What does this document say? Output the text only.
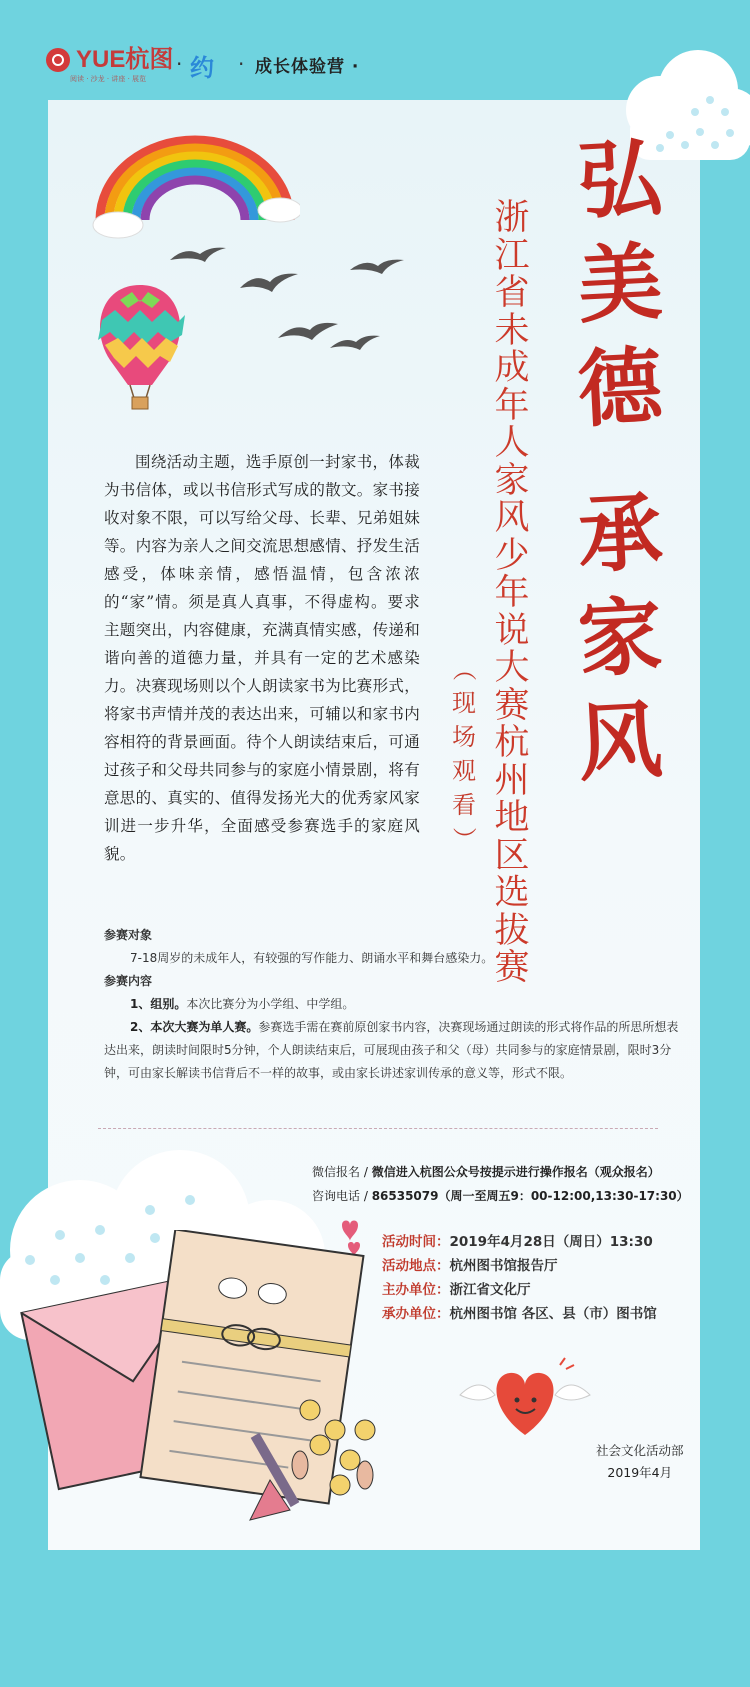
YUE杭图
阅读 · 沙龙 · 讲座 · 展览
· 约 · 成长体验营 ·
弘
美
德
承
家
风
浙
江
省
未
成
年
人
家
风
少
年
说
大
赛
杭
州
地
区
选
拔
赛
（
现
场
观
看
）

围绕活动主题，选手原创一封家书，体裁为书信体，或以书信形式写成的散文。家书接收对象不限，可以写给父母、长辈、兄弟姐妹等。内容为亲人之间交流思想感情、抒发生活感受，体味亲情，感悟温情，包含浓浓的“家”情。须是真人真事，不得虚构。要求主题突出，内容健康，充满真情实感，传递和谐向善的道德力量，并具有一定的艺术感染力。决赛现场则以个人朗读家书为比赛形式，将家书声情并茂的表达出来，可辅以和家书内容相符的背景画面。待个人朗读结束后，可通过孩子和父母共同参与的家庭小情景剧，将有意思的、真实的、值得发扬光大的优秀家风家训进一步升华，全面感受参赛选手的家庭风貌。

参赛对象
7-18周岁的未成年人，有较强的写作能力、朗诵水平和舞台感染力。
参赛内容
1、组别。本次比赛分为小学组、中学组。
2、本次大赛为单人赛。参赛选手需在赛前原创家书内容，决赛现场通过朗读的形式将作品的所思所想表达出来，朗读时间限时5分钟，个人朗读结束后，可展现由孩子和父（母）共同参与的家庭情景剧，限时3分钟，可由家长解读书信背后不一样的故事，或由家长讲述家训传承的意义等，形式不限。
微信报名 / 微信进入杭图公众号按提示进行操作报名（观众报名）
咨询电话 / 86535079（周一至周五9：00-12:00,13:30-17:30）
活动时间：2019年4月28日（周日）13:30
活动地点：杭州图书馆报告厅
主办单位：浙江省文化厅
承办单位：杭州图书馆 各区、县（市）图书馆
社会文化活动部
2019年4月
